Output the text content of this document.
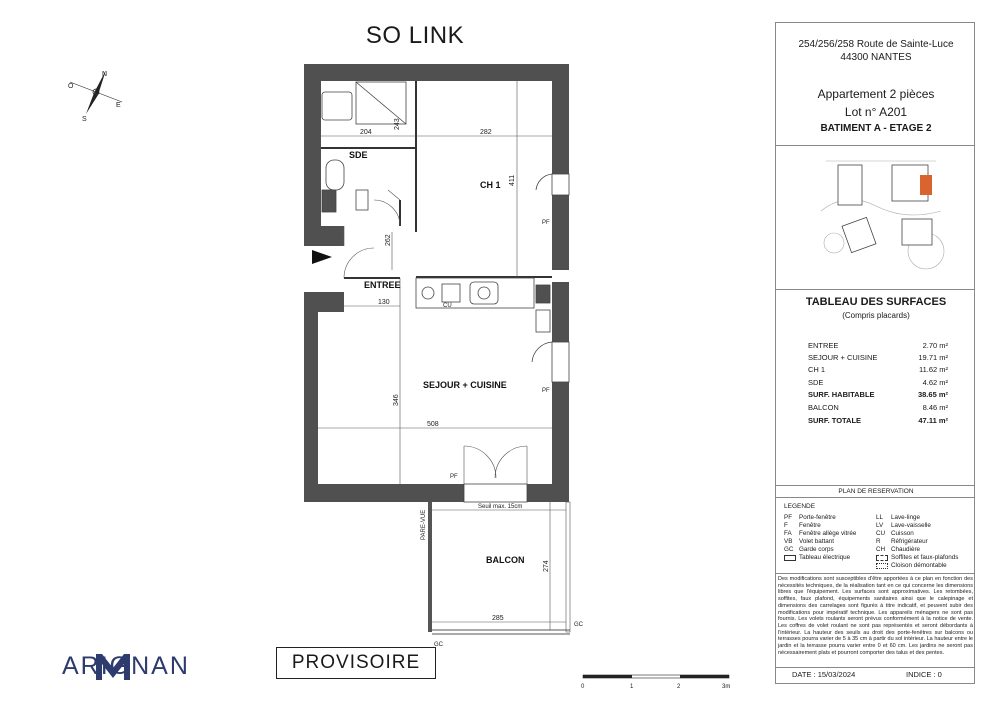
SO LINK
N
E
S
O
CU
PF
PF
PF
Seuil max. 15cm
PARE-VUE
GC
GC
SDE
CH 1
ENTREE
SEJOUR + CUISINE
BALCON
204
243
282
411
262
130
346
508
274
285
0	1	2	3m
ARIGNAN	PROVISOIRE
254/256/258 Route de Sainte-Luce
44300 NANTES
Appartement 2 pièces
Lot n° A201
BATIMENT A - ETAGE 2
TABLEAU DES SURFACES
(Compris placards)
ENTREE	2.70 m²
SEJOUR + CUISINE	19.71 m²
CH 1	11.62 m²
SDE	4.62 m²
SURF. HABITABLE	38.65 m²
BALCON	8.46 m²
SURF. TOTALE	47.11 m²
PLAN DE RESERVATION
LEGENDE
PF Porte-fenêtre
F Fenêtre
FA Fenêtre allège vitrée
VB Volet battant
GC Garde corps
Tableau électrique
LL Lave-linge
LV Lave-vaisselle
CU Cuisson
R Réfrigérateur
CH Chaudière
Soffites et faux-plafonds
Cloison démontable
Des modifications sont susceptibles d'être apportées à ce plan en fonction des nécessités techniques, de la réalisation tant en ce qui concerne les dimensions libres que l'équipement. Les surfaces sont approximatives. Les retombées, soffites, faux plafond, équipements sanitaires ainsi que le calepinage et dimensions des carrelages sont figurés à titre indicatif, et peuvent subir des modifications pour impératif technique. Les appareils ménagers ne sont pas fournis. Les volets roulants seront prévus conformément à la notice de vente. Les coffres de volet roulant ne sont pas représentés et seront débordants à l'intérieur. La hauteur des seuils au droit des porte-fenêtres sur balcons ou terrasses pourra varier de 5 à 35 cm à partir du sol intérieur. La hauteur entre le jardin et la terrasse pourra varier entre 0 et 60 cm. Les jardins ne seront pas nécessairement plats et pourront comporter des talus et des pentes.
DATE : 15/03/2024	INDICE : 0
